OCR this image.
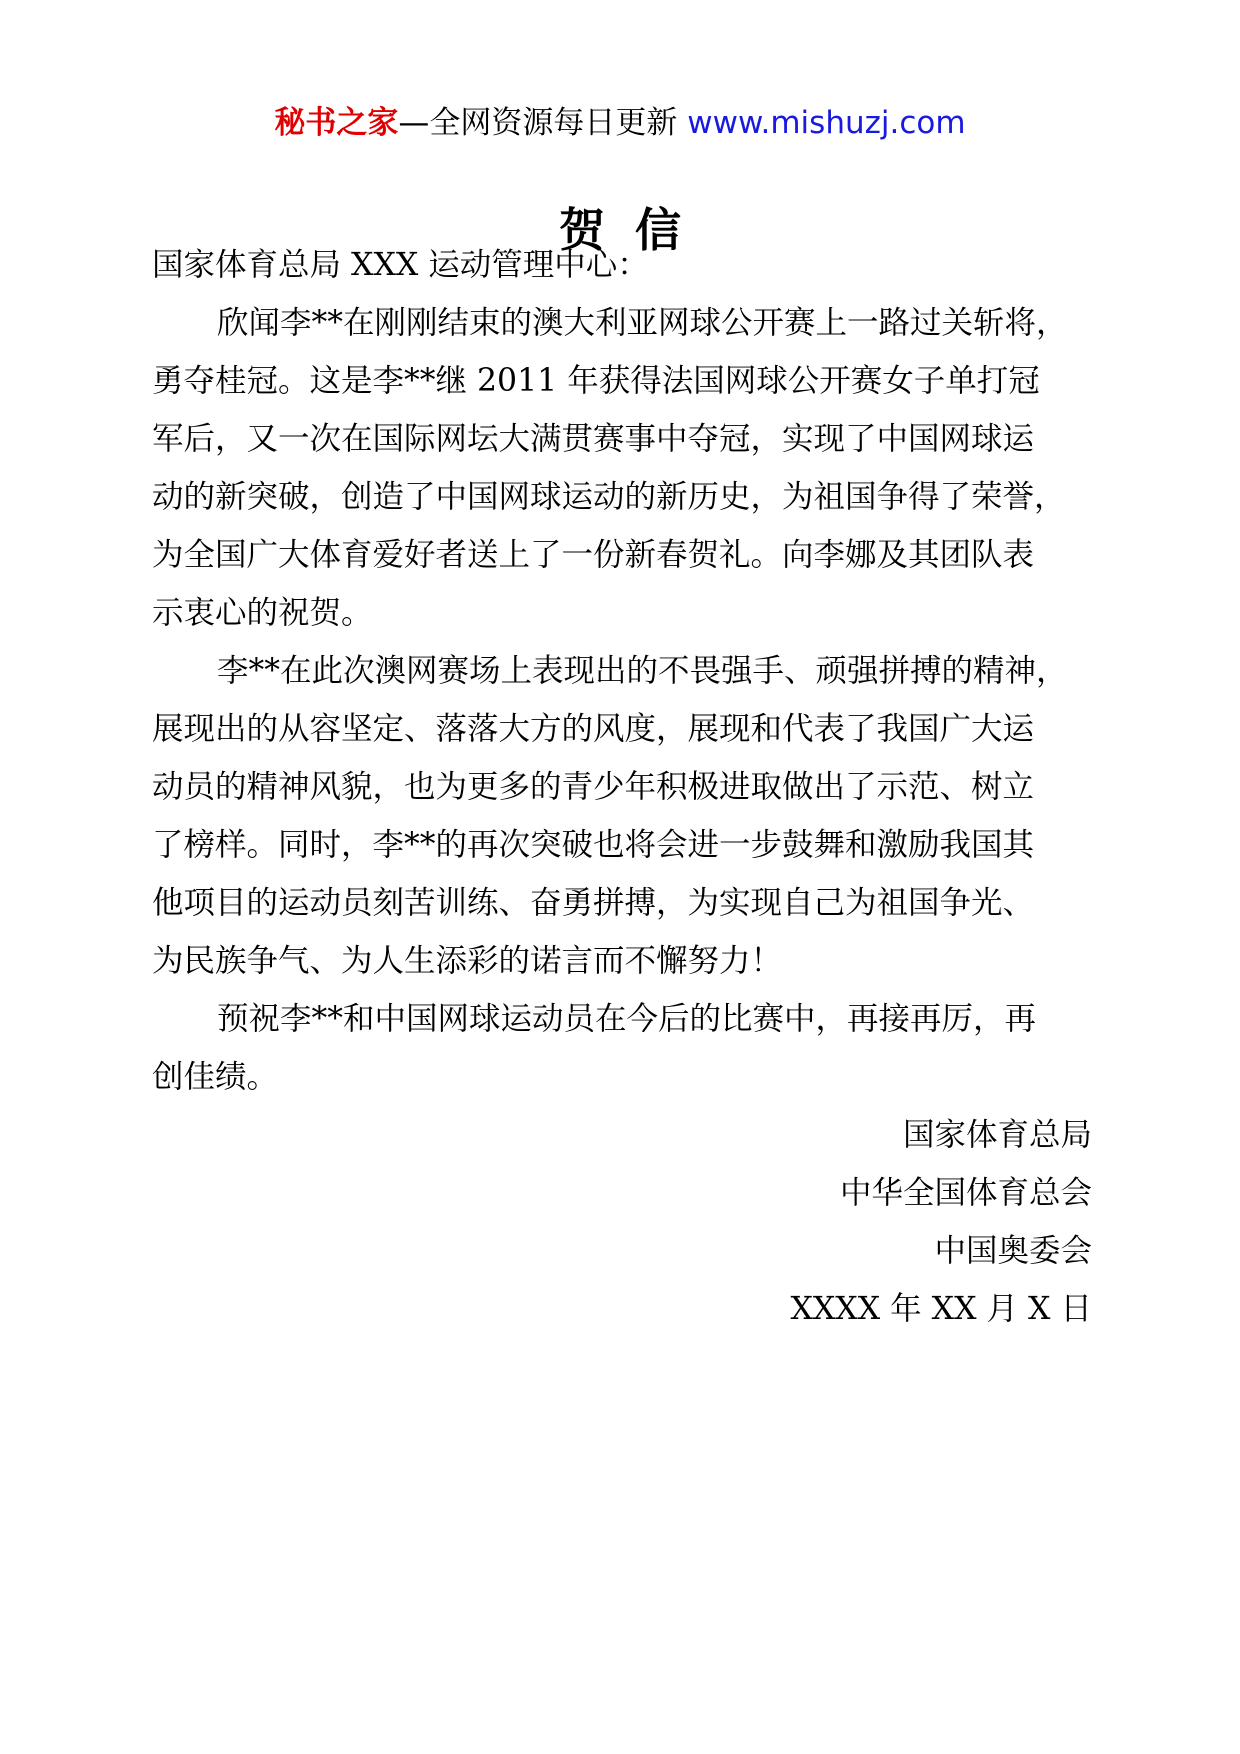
秘书之家—全网资源每日更新 www.mishuzj.com
贺信
国家体育总局 XXX 运动管理中心：
欣闻李**在刚刚结束的澳大利亚网球公开赛上一路过关斩将，
勇夺桂冠。这是李**继 2011 年获得法国网球公开赛女子单打冠
军后，又一次在国际网坛大满贯赛事中夺冠，实现了中国网球运
动的新突破，创造了中国网球运动的新历史，为祖国争得了荣誉，
为全国广大体育爱好者送上了一份新春贺礼。向李娜及其团队表
示衷心的祝贺。
李**在此次澳网赛场上表现出的不畏强手、顽强拼搏的精神，
展现出的从容坚定、落落大方的风度，展现和代表了我国广大运
动员的精神风貌，也为更多的青少年积极进取做出了示范、树立
了榜样。同时，李**的再次突破也将会进一步鼓舞和激励我国其
他项目的运动员刻苦训练、奋勇拼搏，为实现自己为祖国争光、
为民族争气、为人生添彩的诺言而不懈努力！
预祝李**和中国网球运动员在今后的比赛中，再接再厉，再
创佳绩。
国家体育总局
中华全国体育总会
中国奥委会
XXXX 年 XX 月 X 日
